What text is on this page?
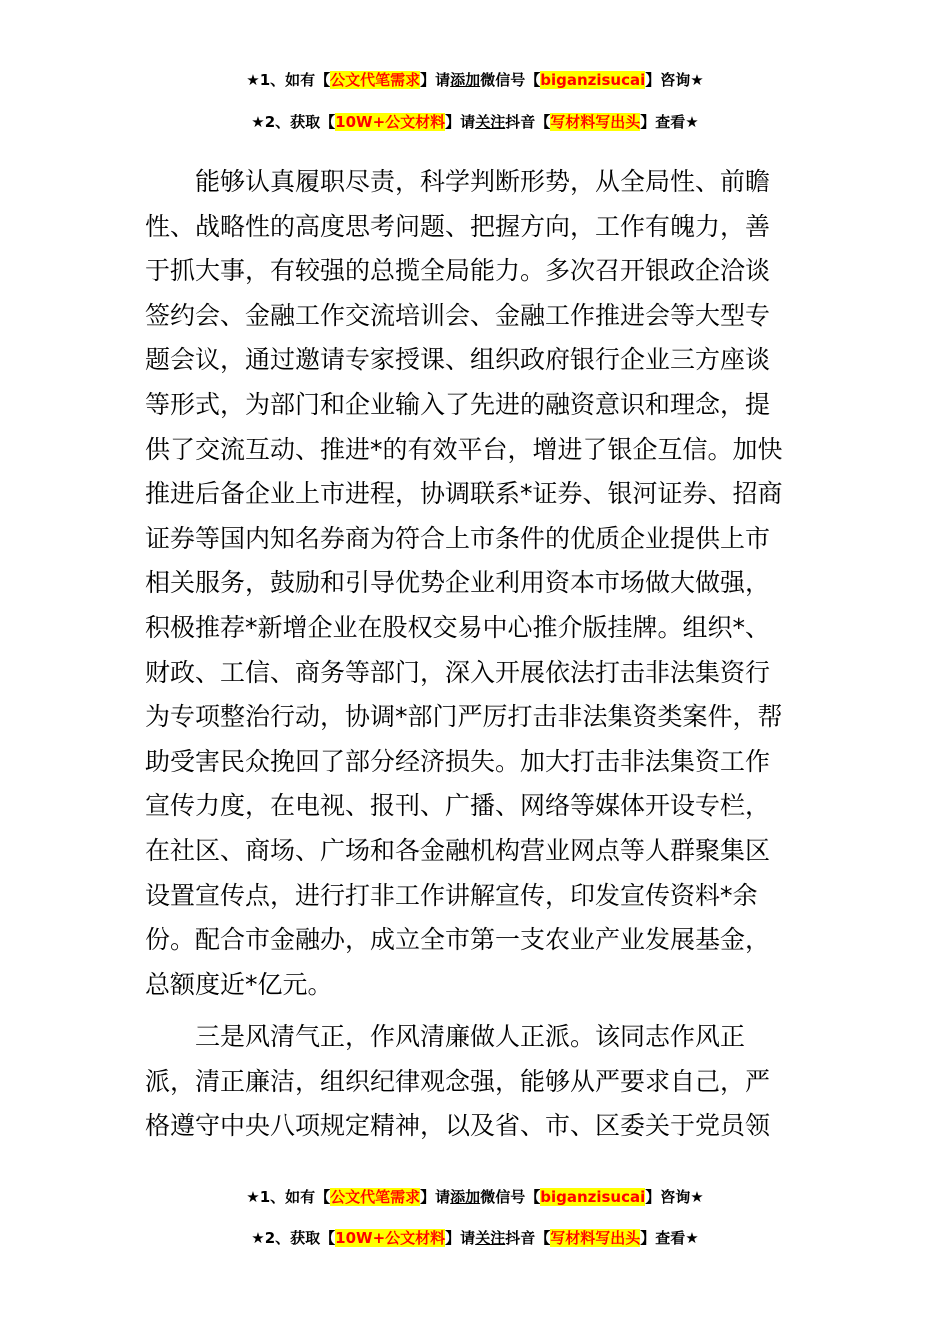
★1、如有【公文代笔需求】请添加微信号【biganzisucai】咨询★
★2、获取【10W+公文材料】请关注抖音【写材料写出头】查看★
能够认真履职尽责，科学判断形势，从全局性、前瞻
性、战略性的高度思考问题、把握方向，工作有魄力，善
于抓大事，有较强的总揽全局能力。多次召开银政企洽谈
签约会、金融工作交流培训会、金融工作推进会等大型专
题会议，通过邀请专家授课、组织政府银行企业三方座谈
等形式，为部门和企业输入了先进的融资意识和理念，提
供了交流互动、推进*的有效平台，增进了银企互信。加快
推进后备企业上市进程，协调联系*证券、银河证券、招商
证券等国内知名券商为符合上市条件的优质企业提供上市
相关服务，鼓励和引导优势企业利用资本市场做大做强，
积极推荐*新增企业在股权交易中心推介版挂牌。组织*、
财政、工信、商务等部门，深入开展依法打击非法集资行
为专项整治行动，协调*部门严厉打击非法集资类案件，帮
助受害民众挽回了部分经济损失。加大打击非法集资工作
宣传力度，在电视、报刊、广播、网络等媒体开设专栏，
在社区、商场、广场和各金融机构营业网点等人群聚集区
设置宣传点，进行打非工作讲解宣传，印发宣传资料*余
份。配合市金融办，成立全市第一支农业产业发展基金，
总额度近*亿元。
三是风清气正，作风清廉做人正派。该同志作风正
派，清正廉洁，组织纪律观念强，能够从严要求自己，严
格遵守中央八项规定精神，以及省、市、区委关于党员领
★1、如有【公文代笔需求】请添加微信号【biganzisucai】咨询★
★2、获取【10W+公文材料】请关注抖音【写材料写出头】查看★
